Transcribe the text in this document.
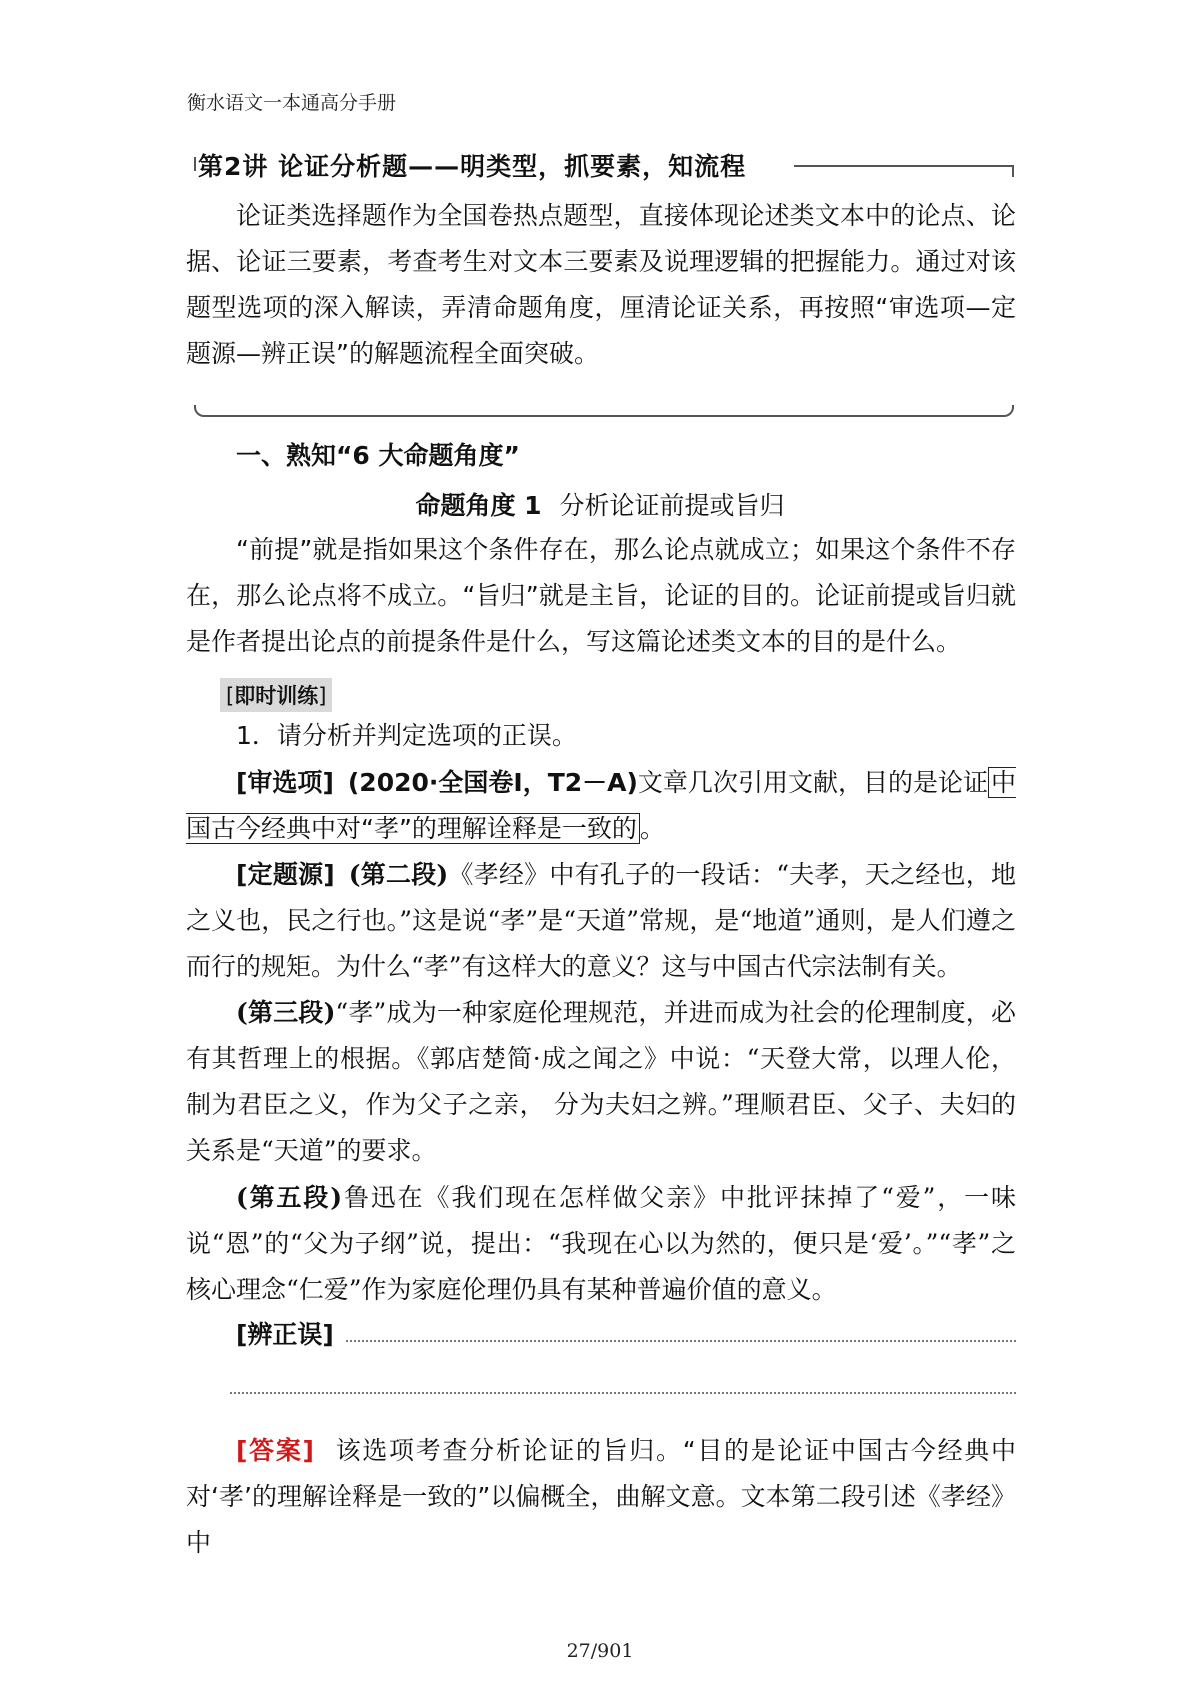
衡水语文一本通高分手册
第2讲 论证分析题——明类型，抓要素，知流程
论证类选择题作为全国卷热点题型，直接体现论述类文本中的论点、论据、论证三要素，考查考生对文本三要素及说理逻辑的把握能力。通过对该题型选项的深入解读，弄清命题角度，厘清论证关系，再按照“审选项—定题源—辨正误”的解题流程全面突破。
一、熟知“6 大命题角度”
命题角度 1 分析论证前提或旨归
“前提”就是指如果这个条件存在，那么论点就成立；如果这个条件不存在，那么论点将不成立。“旨归”就是主旨，论证的目的。论证前提或旨归就是作者提出论点的前提条件是什么，写这篇论述类文本的目的是什么。
[ 即时训练 ]
1．请分析并判定选项的正误。
[审选项] (2020·全国卷Ⅰ，T2－A)文章几次引用文献，目的是论证 中国古今经典中对“孝”的理解诠释是一致的 。
[定题源] (第二段)《孝经》中有孔子的一段话：“夫孝，天之经也，地之义也，民之行也。”这是说“孝”是“天道”常规，是“地道”通则，是人们遵之而行的规矩。为什么“孝”有这样大的意义？这与中国古代宗法制有关。
(第三段)“孝”成为一种家庭伦理规范，并进而成为社会的伦理制度，必有其哲理上的根据。《郭店楚简·成之闻之》中说：“天登大常，以理人伦，制为君臣之义，作为父子之亲， 分为夫妇之辨。”理顺君臣、父子、夫妇的关系是“天道”的要求。
(第五段)鲁迅在《我们现在怎样做父亲》中批评抹掉了“爱”，一味说“恩”的“父为子纲”说，提出：“我现在心以为然的，便只是‘爱’。”“孝”之核心理念“仁爱”作为家庭伦理仍具有某种普遍价值的意义。
[辨正误]
[答案] 该选项考查分析论证的旨归。“目的是论证中国古今经典中对‘孝’的理解诠释是一致的”以偏概全，曲解文意。文本第二段引述《孝经》中
27/901
